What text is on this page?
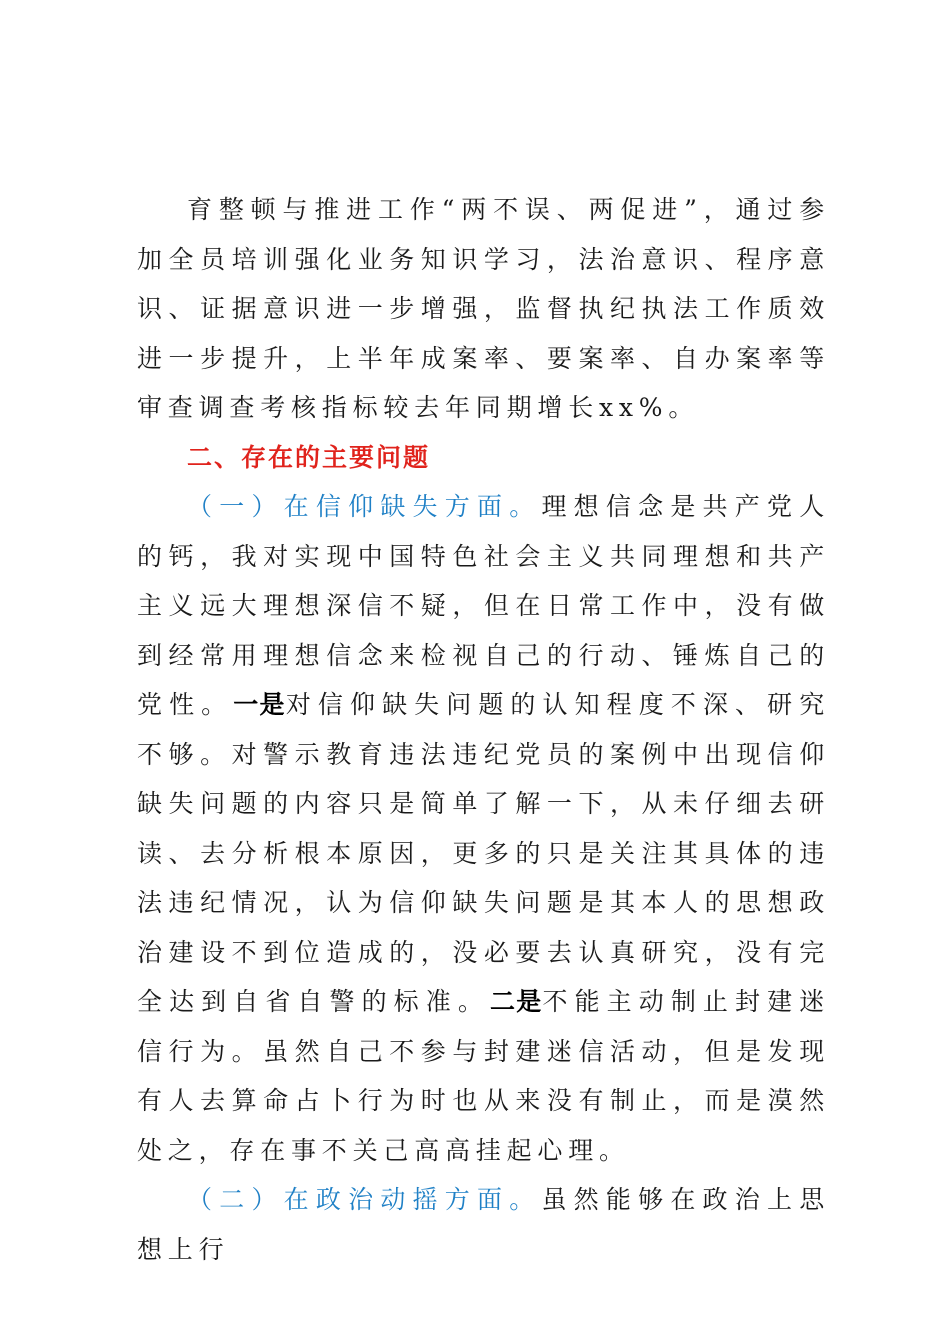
育整顿与推进工作“两不误、两促进”，通过参加全员培训强化业务知识学习，法治意识、程序意识、证据意识进一步增强，监督执纪执法工作质效进一步提升，上半年成案率、要案率、自办案率等审查调查考核指标较去年同期增长xx%。

二、存在的主要问题

（一）在信仰缺失方面。理想信念是共产党人的钙，我对实现中国特色社会主义共同理想和共产主义远大理想深信不疑，但在日常工作中，没有做到经常用理想信念来检视自己的行动、锤炼自己的党性。一是对信仰缺失问题的认知程度不深、研究不够。对警示教育违法违纪党员的案例中出现信仰缺失问题的内容只是简单了解一下，从未仔细去研读、去分析根本原因，更多的只是关注其具体的违法违纪情况，认为信仰缺失问题是其本人的思想政治建设不到位造成的，没必要去认真研究，没有完全达到自省自警的标准。二是不能主动制止封建迷信行为。虽然自己不参与封建迷信活动，但是发现有人去算命占卜行为时也从来没有制止，而是漠然处之，存在事不关己高高挂起心理。

（二）在政治动摇方面。虽然能够在政治上思想上行
